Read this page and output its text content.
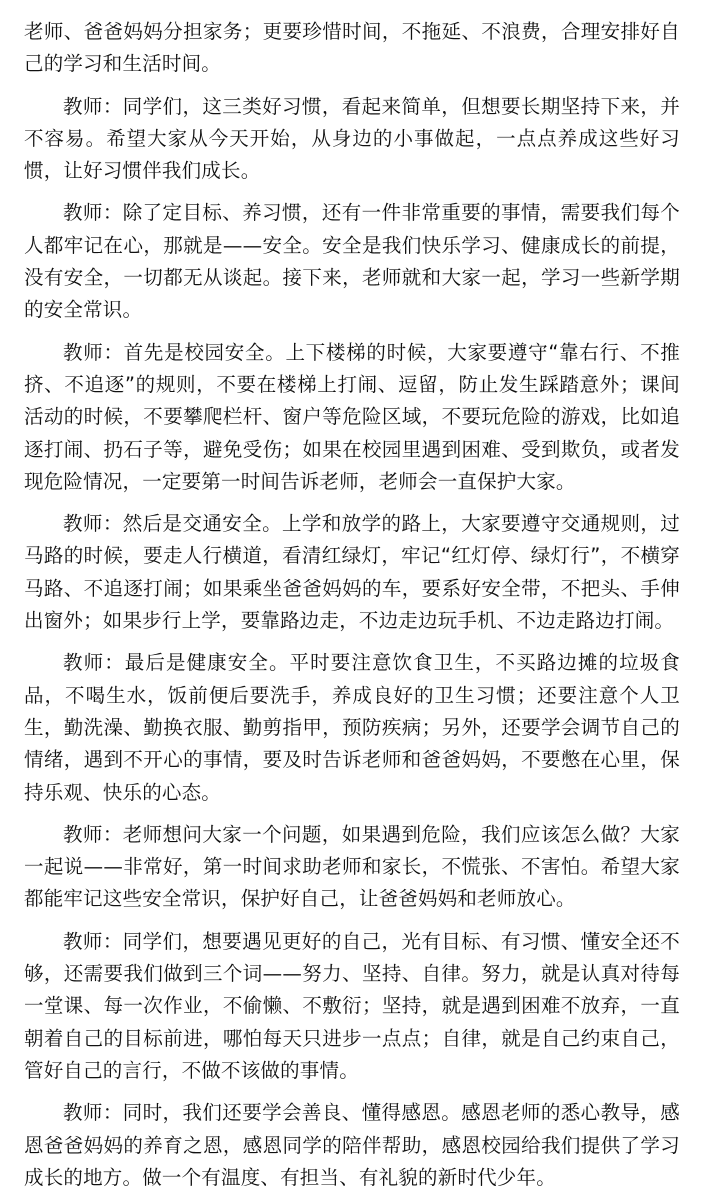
老师、爸爸妈妈分担家务；更要珍惜时间，不拖延、不浪费，合理安排好自己的学习和生活时间。

教师：同学们，这三类好习惯，看起来简单，但想要长期坚持下来，并不容易。希望大家从今天开始，从身边的小事做起，一点点养成这些好习惯，让好习惯伴我们成长。

教师：除了定目标、养习惯，还有一件非常重要的事情，需要我们每个人都牢记在心，那就是——安全。安全是我们快乐学习、健康成长的前提，没有安全，一切都无从谈起。接下来，老师就和大家一起，学习一些新学期的安全常识。

教师：首先是校园安全。上下楼梯的时候，大家要遵守“靠右行、不推挤、不追逐”的规则，不要在楼梯上打闹、逗留，防止发生踩踏意外；课间活动的时候，不要攀爬栏杆、窗户等危险区域，不要玩危险的游戏，比如追逐打闹、扔石子等，避免受伤；如果在校园里遇到困难、受到欺负，或者发现危险情况，一定要第一时间告诉老师，老师会一直保护大家。

教师：然后是交通安全。上学和放学的路上，大家要遵守交通规则，过马路的时候，要走人行横道，看清红绿灯，牢记“红灯停、绿灯行”，不横穿马路、不追逐打闹；如果乘坐爸爸妈妈的车，要系好安全带，不把头、手伸出窗外；如果步行上学，要靠路边走，不边走边玩手机、不边走路边打闹。

教师：最后是健康安全。平时要注意饮食卫生，不买路边摊的垃圾食品，不喝生水，饭前便后要洗手，养成良好的卫生习惯；还要注意个人卫生，勤洗澡、勤换衣服、勤剪指甲，预防疾病；另外，还要学会调节自己的情绪，遇到不开心的事情，要及时告诉老师和爸爸妈妈，不要憋在心里，保持乐观、快乐的心态。

教师：老师想问大家一个问题，如果遇到危险，我们应该怎么做？大家一起说——非常好，第一时间求助老师和家长，不慌张、不害怕。希望大家都能牢记这些安全常识，保护好自己，让爸爸妈妈和老师放心。

教师：同学们，想要遇见更好的自己，光有目标、有习惯、懂安全还不够，还需要我们做到三个词——努力、坚持、自律。努力，就是认真对待每一堂课、每一次作业，不偷懒、不敷衍；坚持，就是遇到困难不放弃，一直朝着自己的目标前进，哪怕每天只进步一点点；自律，就是自己约束自己，管好自己的言行，不做不该做的事情。

教师：同时，我们还要学会善良、懂得感恩。感恩老师的悉心教导，感恩爸爸妈妈的养育之恩，感恩同学的陪伴帮助，感恩校园给我们提供了学习成长的地方。做一个有温度、有担当、有礼貌的新时代少年。
